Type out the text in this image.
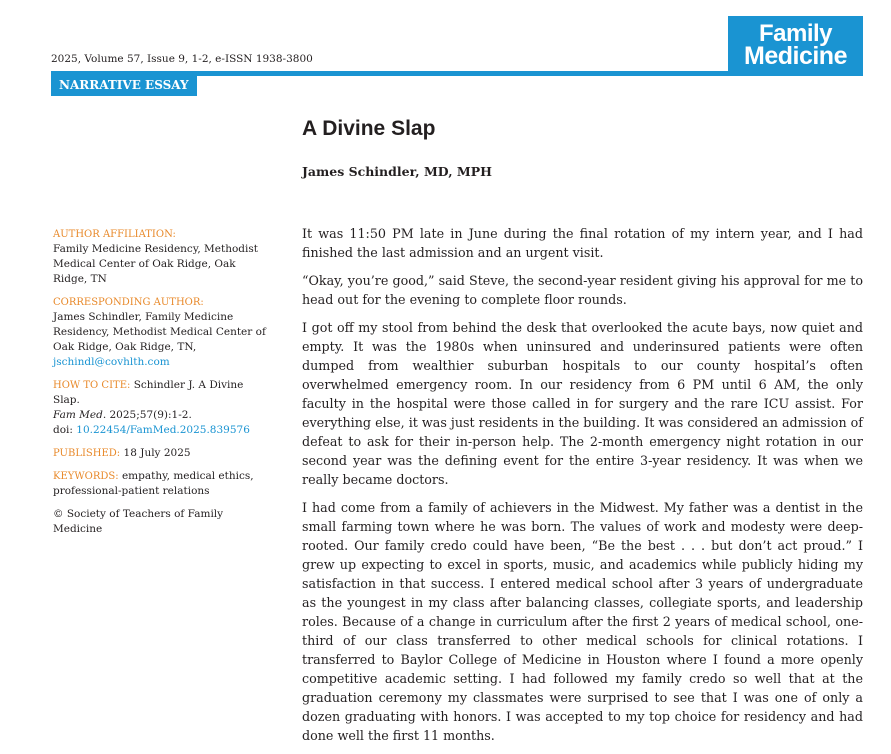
Family
Medicine
2025, Volume 57, Issue 9, 1-2, e-ISSN 1938-3800
NARRATIVE ESSAY
A Divine Slap
James Schindler, MD, MPH
AUTHOR AFFILIATION:
Family Medicine Residency, Methodist Medical Center of Oak Ridge, Oak Ridge, TN
CORRESPONDING AUTHOR:
James Schindler, Family Medicine Residency, Methodist Medical Center of Oak Ridge, Oak Ridge, TN,
jschindl@covhlth.com
HOW TO CITE: Schindler J. A Divine Slap.
Fam Med. 2025;57(9):1-2.
doi: 10.22454/FamMed.2025.839576
PUBLISHED: 18 July 2025
KEYWORDS: empathy, medical ethics, professional-patient relations
© Society of Teachers of Family Medicine

It was 11:50 PM late in June during the final rotation of my intern year, and I had finished the last admission and an urgent visit.

“Okay, you’re good,” said Steve, the second-year resident giving his approval for me to head out for the evening to complete floor rounds.

I got off my stool from behind the desk that overlooked the acute bays, now quiet and empty. It was the 1980s when uninsured and underinsured patients were often dumped from wealthier suburban hospitals to our county hospital’s often overwhelmed emergency room. In our residency from 6 PM until 6 AM, the only faculty in the hospital were those called in for surgery and the rare ICU assist. For everything else, it was just residents in the building. It was considered an admission of defeat to ask for their in-person help. The 2-month emergency night rotation in our second year was the defining event for the entire 3-year residency. It was when we really became doctors.

I had come from a family of achievers in the Midwest. My father was a dentist in the small farming town where he was born. The values of work and modesty were deep-rooted. Our family credo could have been, “Be the best . . . but don’t act proud.” I grew up expecting to excel in sports, music, and academics while publicly hiding my satisfaction in that success. I entered medical school after 3 years of undergraduate as the youngest in my class after balancing classes, collegiate sports, and leadership roles. Because of a change in curriculum after the first 2 years of medical school, one-third of our class transferred to other medical schools for clinical rotations. I transferred to Baylor College of Medicine in Houston where I found a more openly competitive academic setting. I had followed my family credo so well that at the graduation ceremony my classmates were surprised to see that I was one of only a dozen graduating with honors. I was accepted to my top choice for residency and had done well the first 11 months.
